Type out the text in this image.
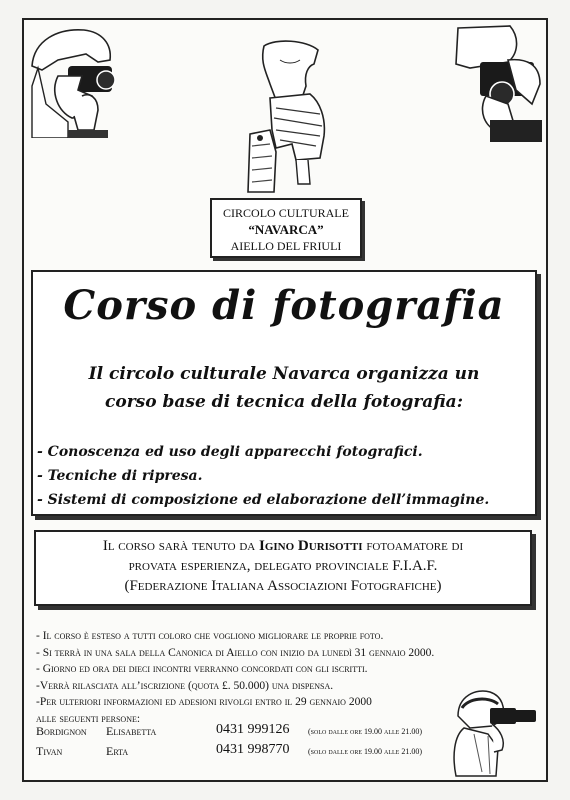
CIRCOLO CULTURALE
“NAVARCA”
AIELLO DEL FRIULI
Corso di fotografia
Il circolo culturale Navarca organizza un
corso base di tecnica della fotografia:
- Conoscenza ed uso degli apparecchi fotografici.
- Tecniche di ripresa.
- Sistemi di composizione ed elaborazione dell’immagine.
Il corso sarà tenuto da Igino Durisotti fotoamatore di
provata esperienza, delegato provinciale F.I.A.F.
(Federazione Italiana Associazioni Fotografiche)
- Il corso è esteso a tutti coloro che vogliono migliorare le proprie foto.
- Si terrà in una sala della Canonica di Aiello con inizio da lunedì 31 gennaio 2000.
- Giorno ed ora dei dieci incontri verranno concordati con gli iscritti.
-Verrà rilasciata all’iscrizione (quota £. 50.000) una dispensa.
-Per ulteriori informazioni ed adesioni rivolgi entro il 29 gennaio 2000
alle seguenti persone:
Bordignon Elisabetta	0431 999126 (solo dalle ore 19.00 alle 21.00)
Tivan	Erta	0431 998770 (solo dalle ore 19.00 alle 21.00)
